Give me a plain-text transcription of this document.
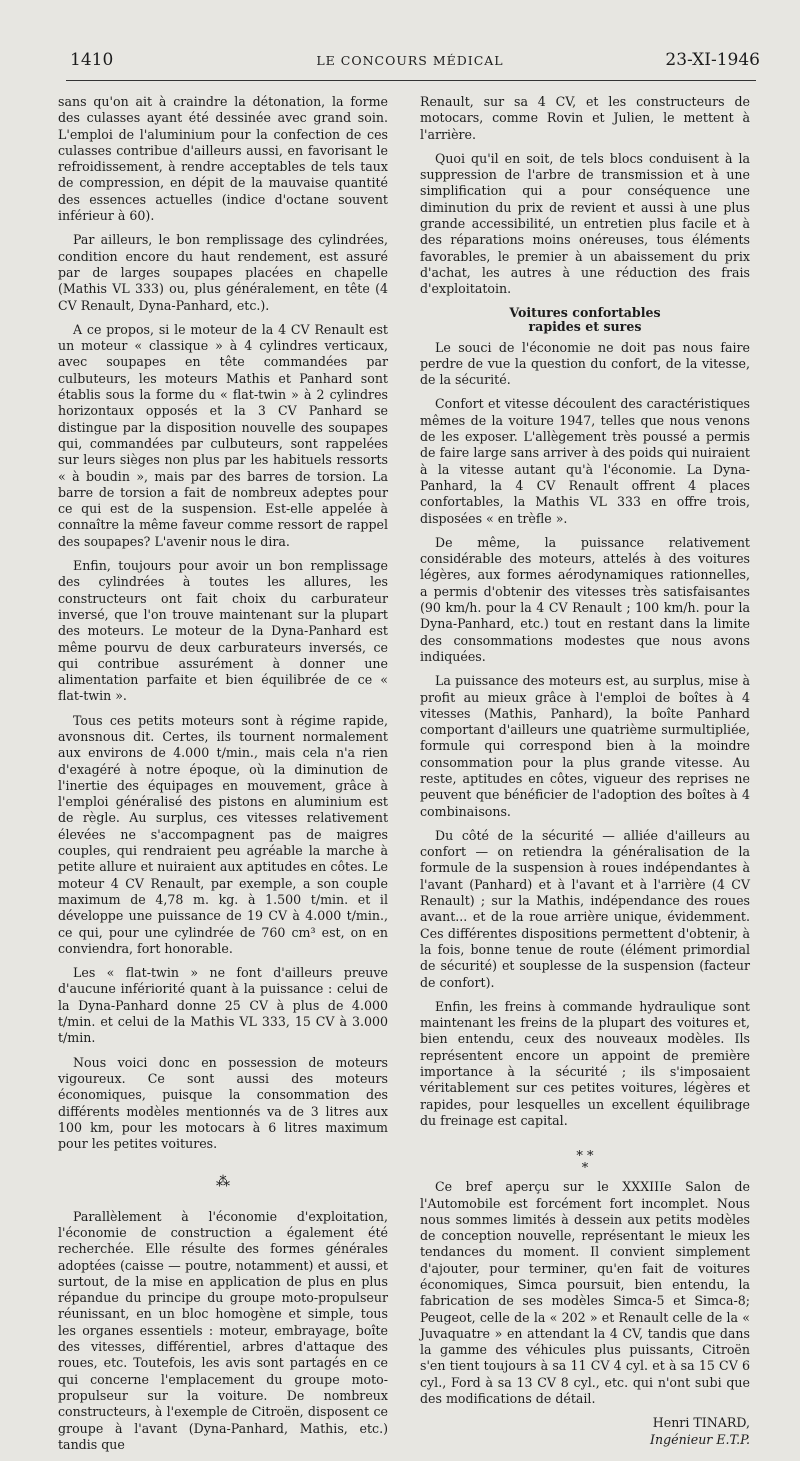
1410	LE CONCOURS MÉDICAL	23-XI-1946

sans qu'on ait à craindre la détonation, la forme des culasses ayant été dessinée avec grand soin. L'emploi de l'aluminium pour la confection de ces culasses contribue d'ailleurs aussi, en favorisant le refroidissement, à rendre acceptables de tels taux de compression, en dépit de la mauvaise quantité des essences actuelles (indice d'octane souvent inférieur à 60).

Par ailleurs, le bon remplissage des cylindrées, condition encore du haut rendement, est assuré par de larges soupapes placées en chapelle (Mathis VL 333) ou, plus généralement, en tête (4 CV Renault, Dyna-Panhard, etc.).

A ce propos, si le moteur de la 4 CV Renault est un moteur « classique » à 4 cylindres verticaux, avec soupapes en tête commandées par culbuteurs, les moteurs Mathis et Panhard sont établis sous la forme du « flat-twin » à 2 cylindres horizontaux opposés et la 3 CV Panhard se distingue par la disposition nouvelle des soupapes qui, commandées par culbuteurs, sont rappelées sur leurs sièges non plus par les habituels ressorts « à boudin », mais par des barres de torsion. La barre de torsion a fait de nombreux adeptes pour ce qui est de la suspension. Est-elle appelée à connaître la même faveur comme ressort de rappel des soupapes? L'avenir nous le dira.

Enfin, toujours pour avoir un bon remplissage des cylindrées à toutes les allures, les constructeurs ont fait choix du carburateur inversé, que l'on trouve maintenant sur la plupart des moteurs. Le moteur de la Dyna-Panhard est même pourvu de deux carburateurs inversés, ce qui contribue assurément à donner une alimentation parfaite et bien équilibrée de ce « flat-twin ».

Tous ces petits moteurs sont à régime rapide, avonsnous dit. Certes, ils tournent normalement aux environs de 4.000 t/min., mais cela n'a rien d'exagéré à notre époque, où la diminution de l'inertie des équipages en mouvement, grâce à l'emploi généralisé des pistons en aluminium est de règle. Au surplus, ces vitesses relativement élevées ne s'accompagnent pas de maigres couples, qui rendraient peu agréable la marche à petite allure et nuiraient aux aptitudes en côtes. Le moteur 4 CV Renault, par exemple, a son couple maximum de 4,78 m. kg. à 1.500 t/min. et il développe une puissance de 19 CV à 4.000 t/min., ce qui, pour une cylindrée de 760 cm³ est, on en conviendra, fort honorable.

Les « flat-twin » ne font d'ailleurs preuve d'aucune infériorité quant à la puissance : celui de la Dyna-Panhard donne 25 CV à plus de 4.000 t/min. et celui de la Mathis VL 333, 15 CV à 3.000 t/min.

Nous voici donc en possession de moteurs vigoureux. Ce sont aussi des moteurs économiques, puisque la consommation des différents modèles mentionnés va de 3 litres aux 100 km, pour les motocars à 6 litres maximum pour les petites voitures.

⁂

Parallèlement à l'économie d'exploitation, l'économie de construction a également été recherchée. Elle résulte des formes générales adoptées (caisse — poutre, notamment) et aussi, et surtout, de la mise en application de plus en plus répandue du principe du groupe moto-propulseur réunissant, en un bloc homogène et simple, tous les organes essentiels : moteur, embrayage, boîte des vitesses, différentiel, arbres d'attaque des roues, etc. Toutefois, les avis sont partagés en ce qui concerne l'emplacement du groupe moto-propulseur sur la voiture. De nombreux constructeurs, à l'exemple de Citroën, disposent ce groupe à l'avant (Dyna-Panhard, Mathis, etc.) tandis que

Renault, sur sa 4 CV, et les constructeurs de motocars, comme Rovin et Julien, le mettent à l'arrière.

Quoi qu'il en soit, de tels blocs conduisent à la suppression de l'arbre de transmission et à une simplification qui a pour conséquence une diminution du prix de revient et aussi à une plus grande accessibilité, un entretien plus facile et à des réparations moins onéreuses, tous éléments favorables, le premier à un abaissement du prix d'achat, les autres à une réduction des frais d'exploitatoin.

Voitures confortables
rapides et sures

Le souci de l'économie ne doit pas nous faire perdre de vue la question du confort, de la vitesse, de la sécurité.

Confort et vitesse découlent des caractéristiques mêmes de la voiture 1947, telles que nous venons de les exposer. L'allègement très poussé a permis de faire large sans arriver à des poids qui nuiraient à la vitesse autant qu'à l'économie. La Dyna-Panhard, la 4 CV Renault offrent 4 places confortables, la Mathis VL 333 en offre trois, disposées « en trèfle ».

De même, la puissance relativement considérable des moteurs, attelés à des voitures légères, aux formes aérodynamiques rationnelles, a permis d'obtenir des vitesses très satisfaisantes (90 km/h. pour la 4 CV Renault ; 100 km/h. pour la Dyna-Panhard, etc.) tout en restant dans la limite des consommations modestes que nous avons indiquées.

La puissance des moteurs est, au surplus, mise à profit au mieux grâce à l'emploi de boîtes à 4 vitesses (Mathis, Panhard), la boîte Panhard comportant d'ailleurs une quatrième surmultipliée, formule qui correspond bien à la moindre consommation pour la plus grande vitesse. Au reste, aptitudes en côtes, vigueur des reprises ne peuvent que bénéficier de l'adoption des boîtes à 4 combinaisons.

Du côté de la sécurité — alliée d'ailleurs au confort — on retiendra la généralisation de la formule de la suspension à roues indépendantes à l'avant (Panhard) et à l'avant et à l'arrière (4 CV Renault) ; sur la Mathis, indépendance des roues avant... et de la roue arrière unique, évidemment. Ces différentes dispositions permettent d'obtenir, à la fois, bonne tenue de route (élément primordial de sécurité) et souplesse de la suspension (facteur de confort).

Enfin, les freins à commande hydraulique sont maintenant les freins de la plupart des voitures et, bien entendu, ceux des nouveaux modèles. Ils représentent encore un appoint de première importance à la sécurité ; ils s'imposaient véritablement sur ces petites voitures, légères et rapides, pour lesquelles un excellent équilibrage du freinage est capital.

* *
*

Ce bref aperçu sur le XXXIIIe Salon de l'Automobile est forcément fort incomplet. Nous nous sommes limités à dessein aux petits modèles de conception nouvelle, représentant le mieux les tendances du moment. Il convient simplement d'ajouter, pour terminer, qu'en fait de voitures économiques, Simca poursuit, bien entendu, la fabrication de ses modèles Simca-5 et Simca-8; Peugeot, celle de la « 202 » et Renault celle de la « Juvaquatre » en attendant la 4 CV, tandis que dans la gamme des véhicules plus puissants, Citroën s'en tient toujours à sa 11 CV 4 cyl. et à sa 15 CV 6 cyl., Ford à sa 13 CV 8 cyl., etc. qui n'ont subi que des modifications de détail.

Henri TINARD,
Ingénieur E.T.P.
